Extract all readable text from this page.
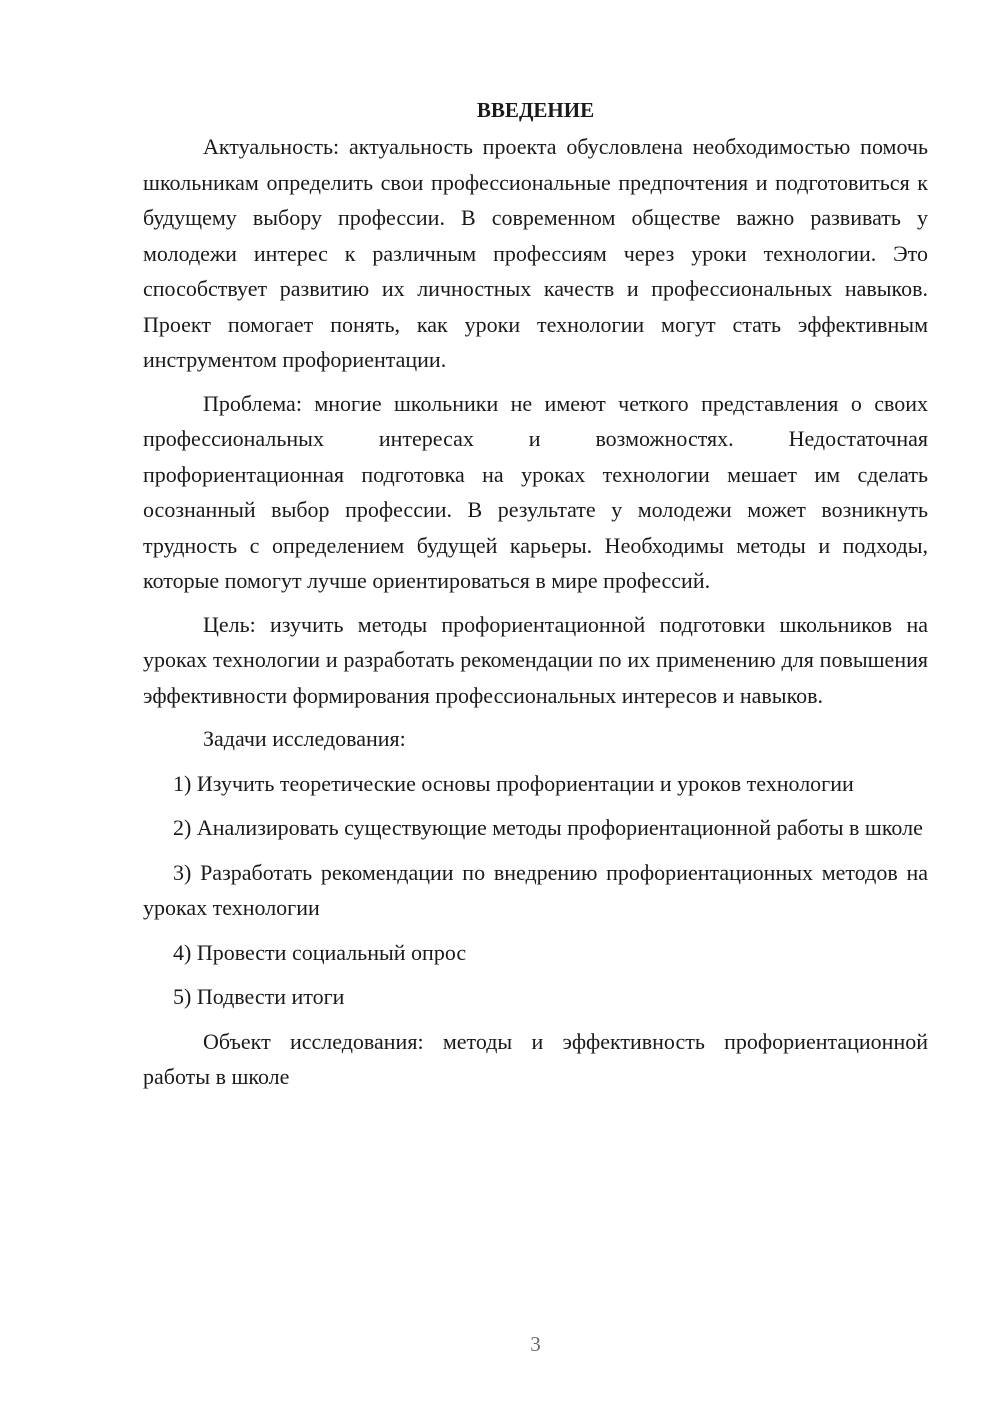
ВВЕДЕНИЕ

Актуальность: актуальность проекта обусловлена необходимостью помочь школьникам определить свои профессиональные предпочтения и подготовиться к будущему выбору профессии. В современном обществе важно развивать у молодежи интерес к различным профессиям через уроки технологии. Это способствует развитию их личностных качеств и профессиональных навыков. Проект помогает понять, как уроки технологии могут стать эффективным инструментом профориентации.

Проблема: многие школьники не имеют четкого представления о своих профессиональных интересах и возможностях. Недостаточная профориентационная подготовка на уроках технологии мешает им сделать осознанный выбор профессии. В результате у молодежи может возникнуть трудность с определением будущей карьеры. Необходимы методы и подходы, которые помогут лучше ориентироваться в мире профессий.

Цель: изучить методы профориентационной подготовки школьников на уроках технологии и разработать рекомендации по их применению для повышения эффективности формирования профессиональных интересов и навыков.

Задачи исследования:

1) Изучить теоретические основы профориентации и уроков технологии

2) Анализировать существующие методы профориентационной работы в школе

3) Разработать рекомендации по внедрению профориентационных методов на уроках технологии

4) Провести социальный опрос

5) Подвести итоги

Объект исследования: методы и эффективность профориентационной работы в школе

3
